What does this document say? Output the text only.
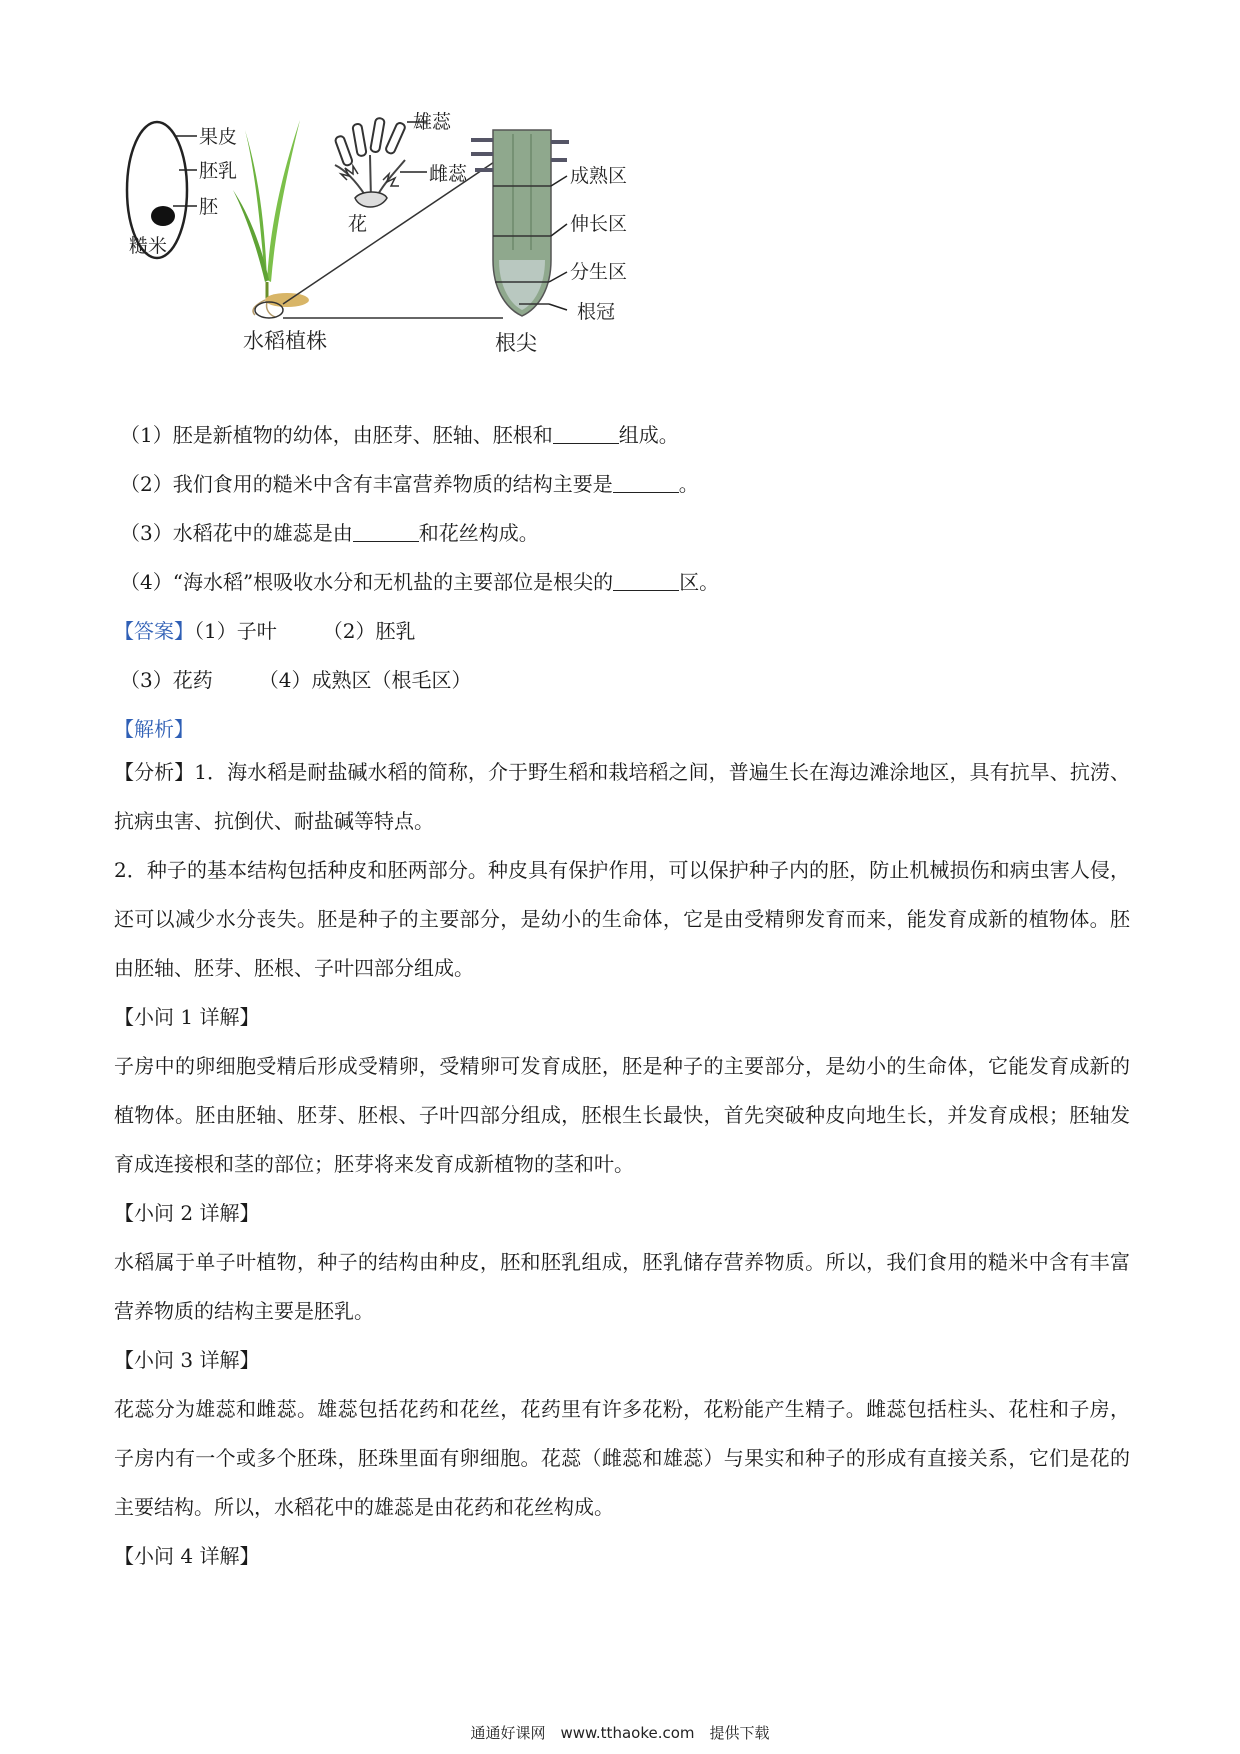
果皮
胚乳
胚
糙米
水稻植株
雄蕊
雌蕊
花
成熟区
伸长区
分生区
根冠
根尖
（1）胚是新植物的幼体，由胚芽、胚轴、胚根和	组成。
（2）我们食用的糙米中含有丰富营养物质的结构主要是	。
（3）水稻花中的雄蕊是由	和花丝构成。
（4）“海水稻”根吸收水分和无机盐的主要部位是根尖的	区。
【答案】（1）子叶 （2）胚乳
（3）花药 （4）成熟区（根毛区）
【解析】

【分析】1．海水稻是耐盐碱水稻的简称，介于野生稻和栽培稻之间，普遍生长在海边滩涂地区，具有抗旱、抗涝、抗病虫害、抗倒伏、耐盐碱等特点。

2．种子的基本结构包括种皮和胚两部分。种皮具有保护作用，可以保护种子内的胚，防止机械损伤和病虫害人侵，还可以减少水分丧失。胚是种子的主要部分，是幼小的生命体，它是由受精卵发育而来，能发育成新的植物体。胚由胚轴、胚芽、胚根、子叶四部分组成。

【小问 1 详解】

子房中的卵细胞受精后形成受精卵，受精卵可发育成胚，胚是种子的主要部分，是幼小的生命体，它能发育成新的植物体。胚由胚轴、胚芽、胚根、子叶四部分组成，胚根生长最快，首先突破种皮向地生长，并发育成根；胚轴发育成连接根和茎的部位；胚芽将来发育成新植物的茎和叶。

【小问 2 详解】

水稻属于单子叶植物，种子的结构由种皮，胚和胚乳组成，胚乳储存营养物质。所以，我们食用的糙米中含有丰富营养物质的结构主要是胚乳。

【小问 3 详解】

花蕊分为雄蕊和雌蕊。雄蕊包括花药和花丝，花药里有许多花粉，花粉能产生精子。雌蕊包括柱头、花柱和子房，子房内有一个或多个胚珠，胚珠里面有卵细胞。花蕊（雌蕊和雄蕊）与果实和种子的形成有直接关系，它们是花的主要结构。所以，水稻花中的雄蕊是由花药和花丝构成。

【小问 4 详解】

通通好课网　www.tthaoke.com　提供下载
